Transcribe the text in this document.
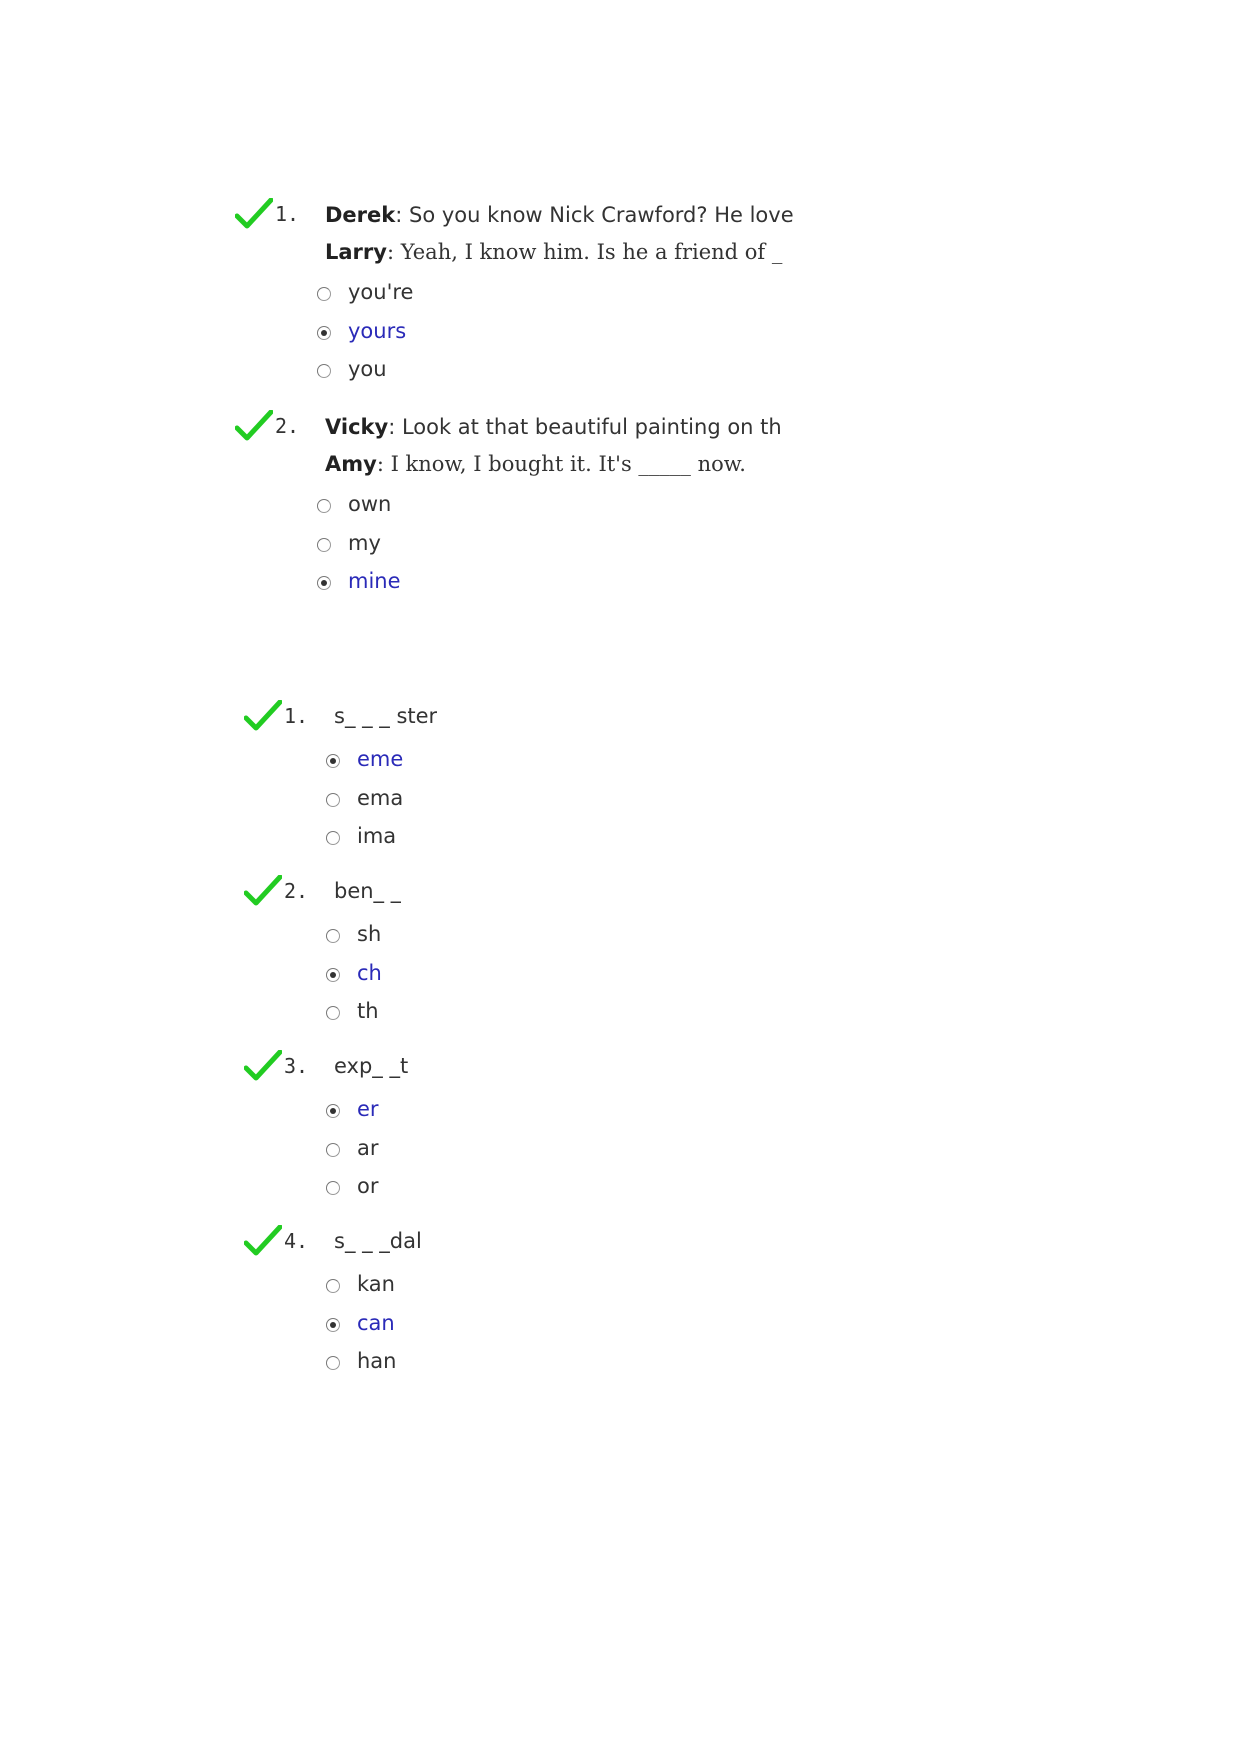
1. Derek: So you know Nick Crawford? He love
Larry: Yeah, I know him. Is he a friend of _
you're
yours
you
2. Vicky: Look at that beautiful painting on th
Amy: I know, I bought it. It's _____ now.
own
my
mine
1. s_ _ _ ster
eme
ema
ima
2. ben_ _
sh
ch
th
3. exp_ _t
er
ar
or
4. s_ _ _dal
kan
can
han
